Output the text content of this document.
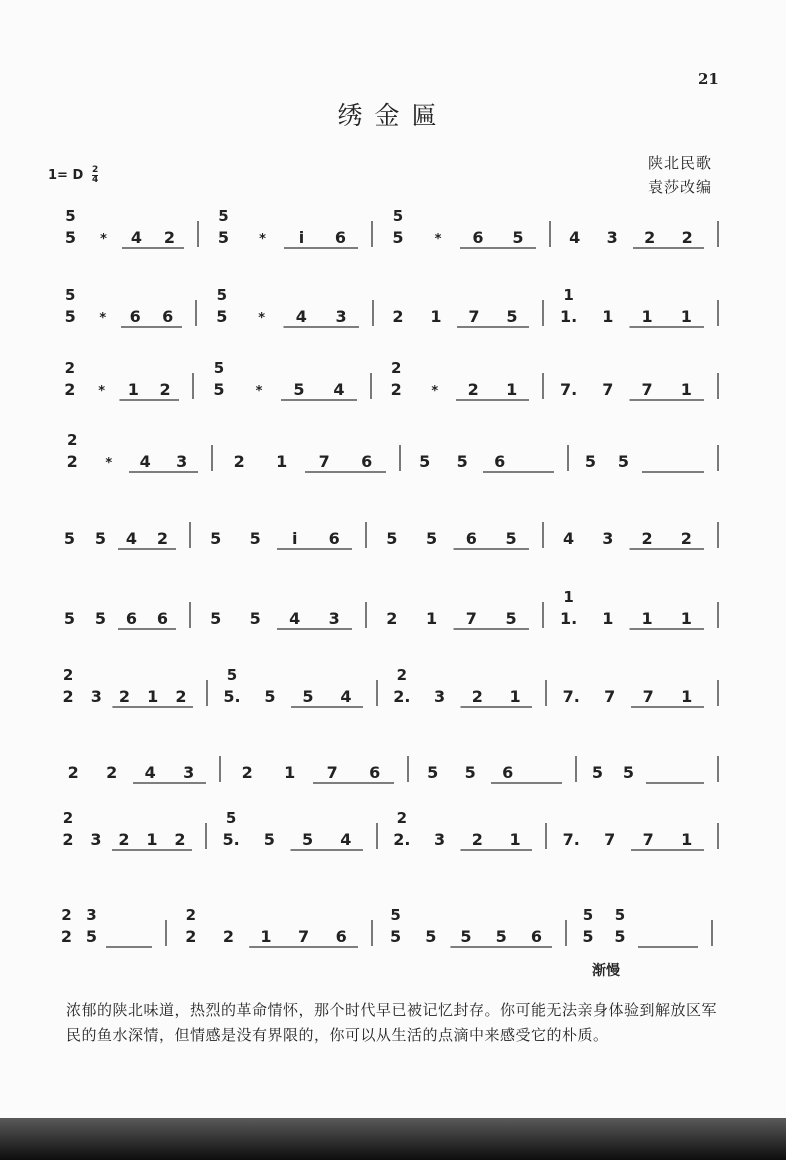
21
绣金匾
陕北民歌
袁莎改编
1= D 2
4
5 * 4 2
5
5 * i 6
5
5 * 6 5
5
4 3 2 2
5 * 6 6
5
5 * 4 3
5
2 1 7 5	1. 1 1 1
1
2 * 1 2
2
5 * 5 4
5
2 * 2 1
2
7. 7 7 1
2 * 4 3
2
2 1 7 6	5 5 6	5 5
5 5 4 2	5 5 i 6	5 5 6 5	4 3 2 2
5 5 6 6	5 5 4 3	2 1 7 5	1. 1 1 1
1
2 3 2 1 2
2
5. 5 5 4
5
2. 3 2 1
2
7. 7 7 1
2 2 4 3	2 1 7 6	5 5 6	5 5
2 3 2 1 2
2
5. 5 5 4
5
2. 3 2 1
2
7. 7 7 1
2 5
2 3
2 2 1 7 6
2
5 5 5 5 6
5
5 5
5 5
渐慢
浓郁的陕北味道，热烈的革命情怀，那个时代早已被记忆封存。你可能无法亲身体验到解放区军民的鱼水深情，但情感是没有界限的，你可以从生活的点滴中来感受它的朴质。
